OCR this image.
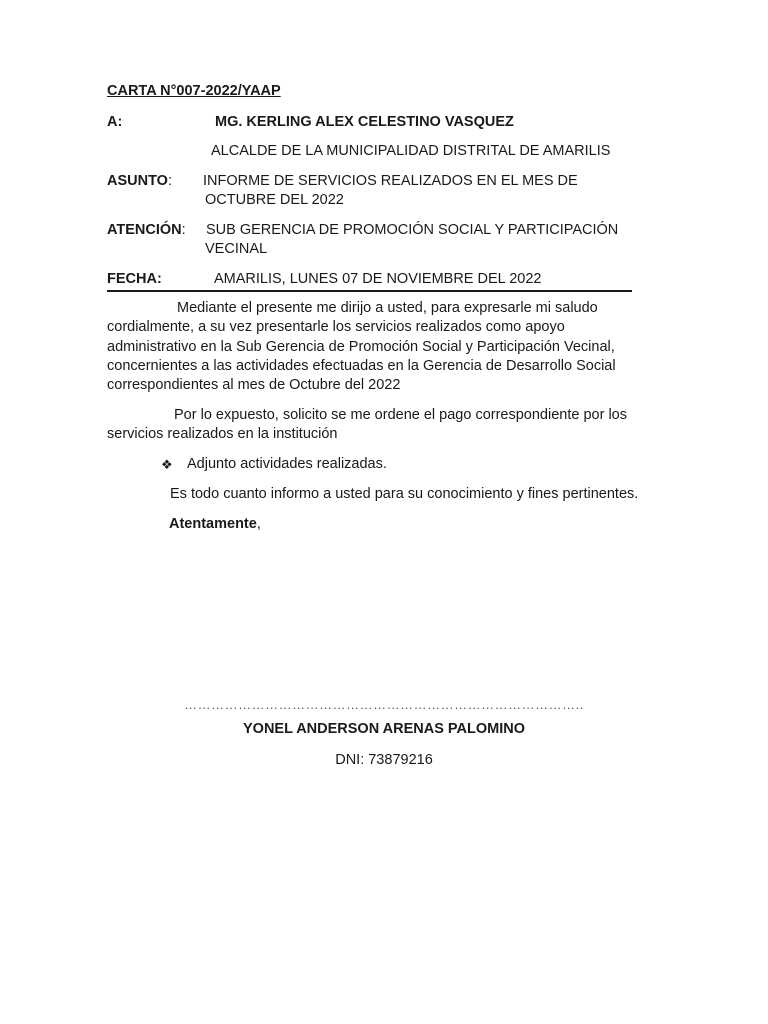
CARTA N°007-2022/YAAP
A:	MG. KERLING ALEX CELESTINO VASQUEZ
ALCALDE DE LA MUNICIPALIDAD DISTRITAL DE AMARILIS
ASUNTO: INFORME DE SERVICIOS REALIZADOS EN EL MES DE
OCTUBRE DEL 2022
ATENCIÓN: SUB GERENCIA DE PROMOCIÓN SOCIAL Y PARTICIPACIÓN
VECINAL
FECHA:	AMARILIS, LUNES 07 DE NOVIEMBRE DEL 2022
Mediante el presente me dirijo a usted, para expresarle mi saludo
cordialmente, a su vez presentarle los servicios realizados como apoyo
administrativo en la Sub Gerencia de Promoción Social y Participación Vecinal,
concernientes a las actividades efectuadas en la Gerencia de Desarrollo Social
correspondientes al mes de Octubre del 2022
Por lo expuesto, solicito se me ordene el pago correspondiente por los
servicios realizados en la institución
❖ Adjunto actividades realizadas.
Es todo cuanto informo a usted para su conocimiento y fines pertinentes.
Atentamente,
……………………………………………………………………………..
YONEL ANDERSON ARENAS PALOMINO
DNI: 73879216
